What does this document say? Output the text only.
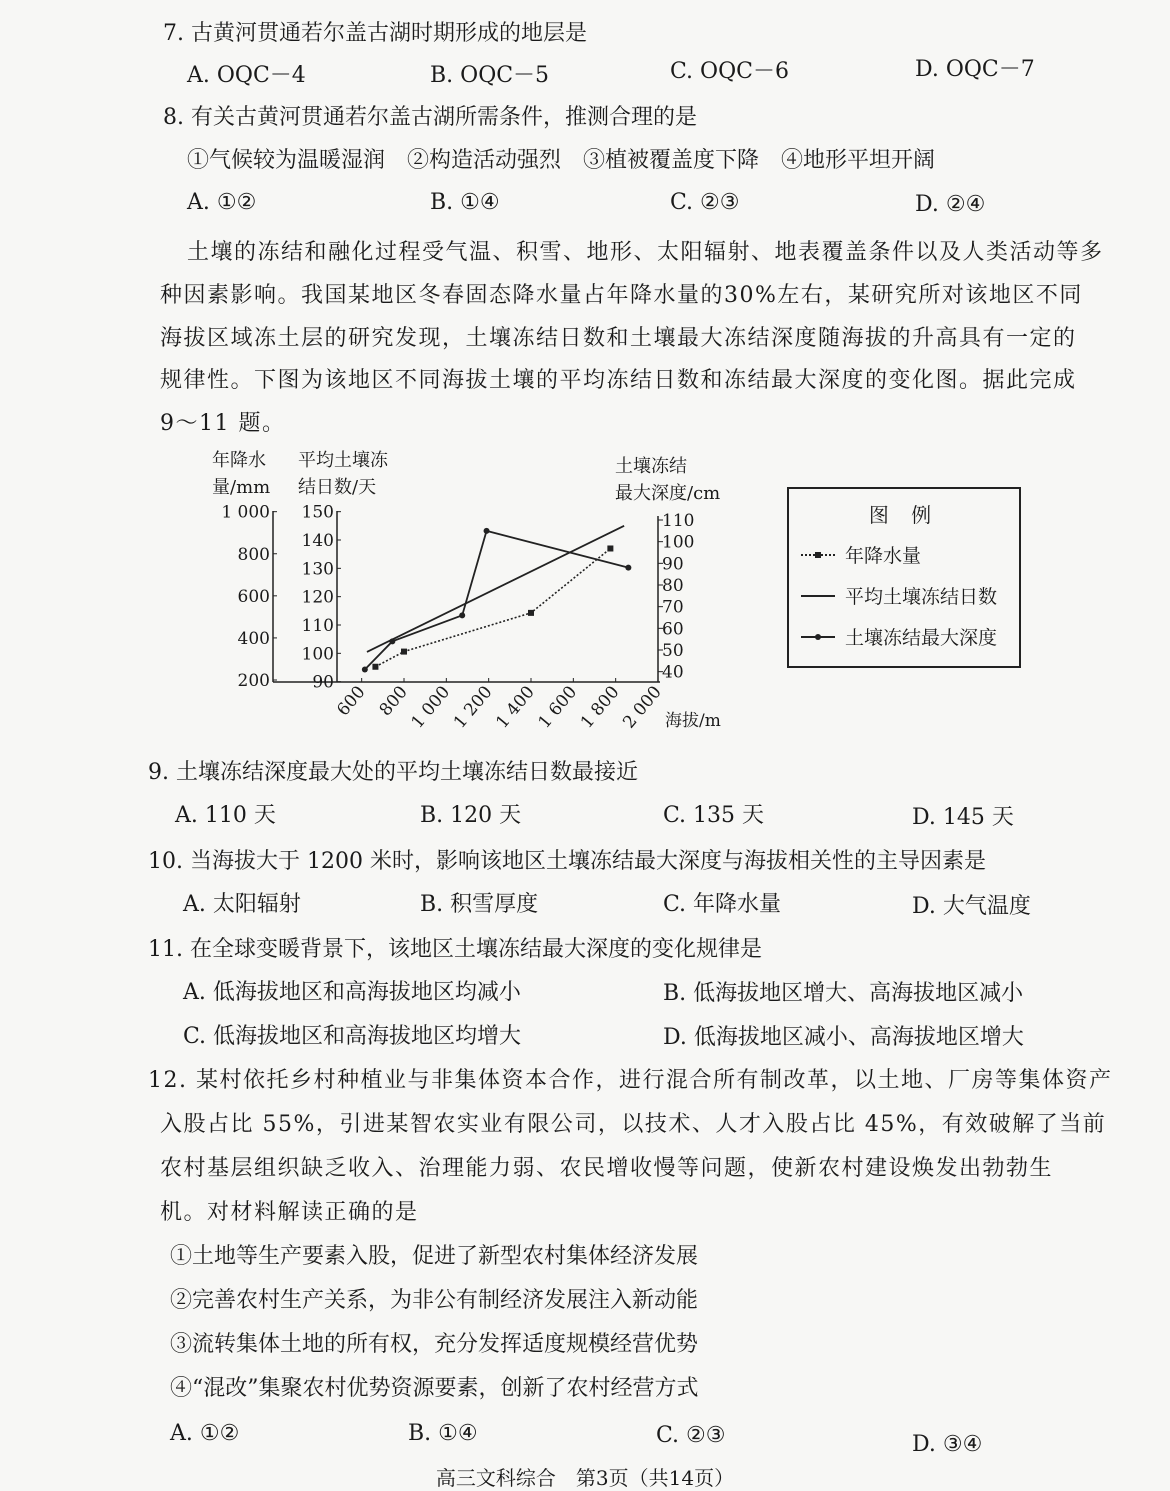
7. 古黄河贯通若尔盖古湖时期形成的地层是
A. OQC－4	B. OQC－5	C. OQC－6	D. OQC－7
8. 有关古黄河贯通若尔盖古湖所需条件，推测合理的是
①气候较为温暖湿润　②构造活动强烈　③植被覆盖度下降　④地形平坦开阔
A. ①②	B. ①④	C. ②③	D. ②④
土壤的冻结和融化过程受气温、积雪、地形、太阳辐射、地表覆盖条件以及人类活动等多
种因素影响。我国某地区冬春固态降水量占年降水量的30%左右，某研究所对该地区不同
海拔区域冻土层的研究发现，土壤冻结日数和土壤最大冻结深度随海拔的升高具有一定的
规律性。下图为该地区不同海拔土壤的平均冻结日数和冻结最大深度的变化图。据此完成
9～11 题。
年降水
量/mm
1 000
800
600
400
200
平均土壤冻
结日数/天
150
140
130
120
110
100
90
土壤冻结
最大深度/cm
110
100
90
80
70
60
50
40
600 800
1 000
1 200
1 400
1 600
1 800
2 000 海拔/m
图 例
年降水量
平均土壤冻结日数
土壤冻结最大深度
9. 土壤冻结深度最大处的平均土壤冻结日数最接近
A. 110 天	B. 120 天	C. 135 天	D. 145 天
10. 当海拔大于 1200 米时，影响该地区土壤冻结最大深度与海拔相关性的主导因素是
A. 太阳辐射	B. 积雪厚度	C. 年降水量	D. 大气温度
11. 在全球变暖背景下，该地区土壤冻结最大深度的变化规律是
A. 低海拔地区和高海拔地区均减小	B. 低海拔地区增大、高海拔地区减小
C. 低海拔地区和高海拔地区均增大	D. 低海拔地区减小、高海拔地区增大
12. 某村依托乡村种植业与非集体资本合作，进行混合所有制改革，以土地、厂房等集体资产
入股占比 55%，引进某智农实业有限公司，以技术、人才入股占比 45%，有效破解了当前
农村基层组织缺乏收入、治理能力弱、农民增收慢等问题，使新农村建设焕发出勃勃生
机。对材料解读正确的是
①土地等生产要素入股，促进了新型农村集体经济发展
②完善农村生产关系，为非公有制经济发展注入新动能
③流转集体土地的所有权，充分发挥适度规模经营优势
④“混改”集聚农村优势资源要素，创新了农村经营方式
A. ①②	B. ①④	C. ②③	D. ③④
高三文科综合　第3页（共14页）
